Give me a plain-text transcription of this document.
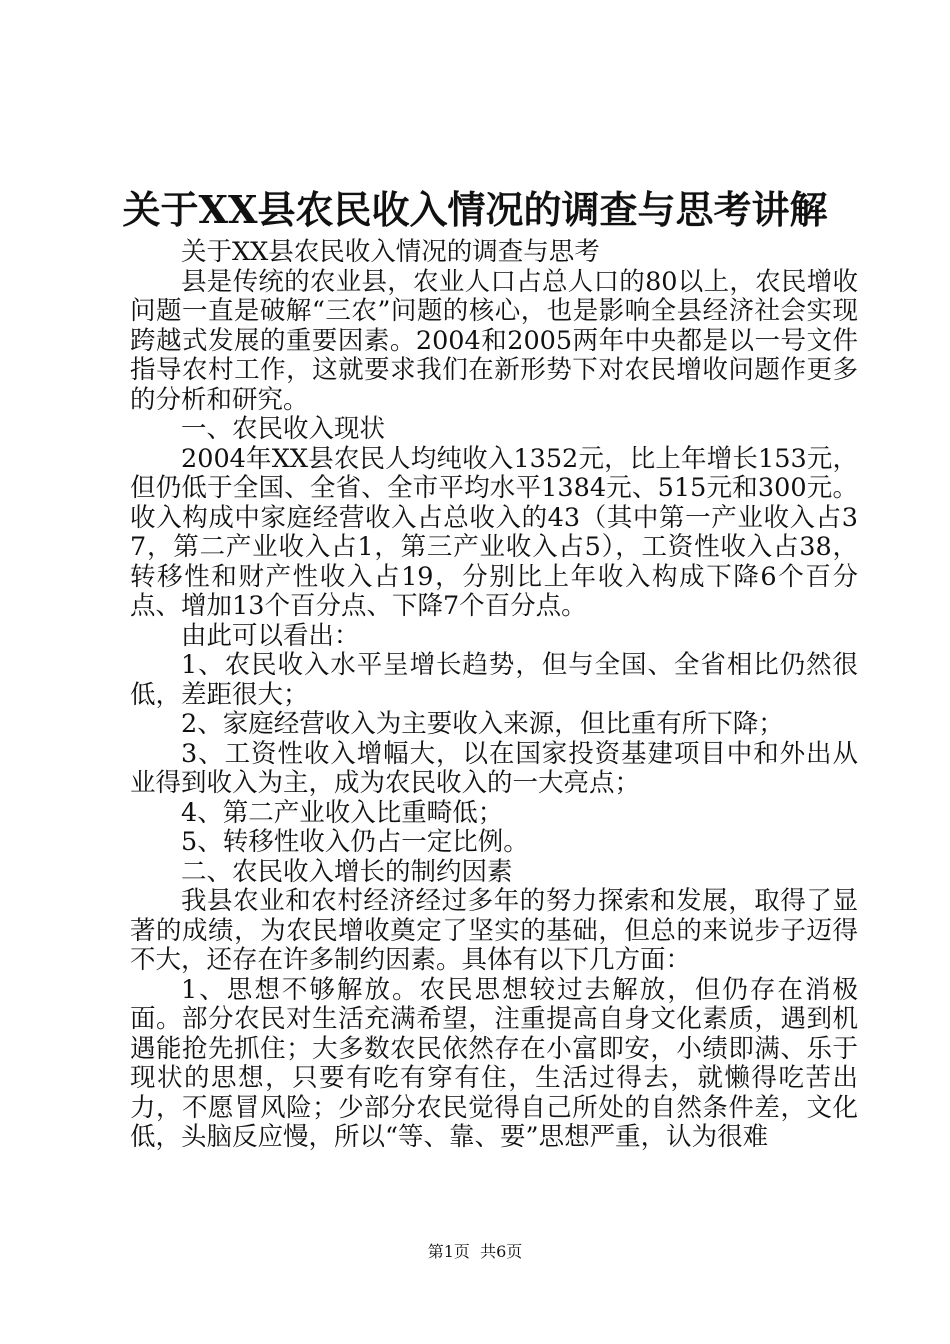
关于XX县农民收入情况的调查与思考讲解

关于XX县农民收入情况的调查与思考

县是传统的农业县，农业人口占总人口的80以上，农民增收问题一直是破解“三农”问题的核心，也是影响全县经济社会实现跨越式发展的重要因素。2004和2005两年中央都是以一号文件指导农村工作，这就要求我们在新形势下对农民增收问题作更多的分析和研究。

一、农民收入现状

2004年XX县农民人均纯收入1352元，比上年增长153元，但仍低于全国、全省、全市平均水平1384元、515元和300元。收入构成中家庭经营收入占总收入的43（其中第一产业收入占37，第二产业收入占1，第三产业收入占5），工资性收入占38，转移性和财产性收入占19，分别比上年收入构成下降6个百分点、增加13个百分点、下降7个百分点。

由此可以看出：

1、农民收入水平呈增长趋势，但与全国、全省相比仍然很低，差距很大；

2、家庭经营收入为主要收入来源，但比重有所下降；

3、工资性收入增幅大，以在国家投资基建项目中和外出从业得到收入为主，成为农民收入的一大亮点；

4、第二产业收入比重畸低；

5、转移性收入仍占一定比例。

二、农民收入增长的制约因素

我县农业和农村经济经过多年的努力探索和发展，取得了显著的成绩，为农民增收奠定了坚实的基础，但总的来说步子迈得不大，还存在许多制约因素。具体有以下几方面：

1、思想不够解放。农民思想较过去解放，但仍存在消极面。部分农民对生活充满希望，注重提高自身文化素质，遇到机遇能抢先抓住；大多数农民依然存在小富即安，小绩即满、乐于现状的思想，只要有吃有穿有住，生活过得去，就懒得吃苦出力，不愿冒风险；少部分农民觉得自己所处的自然条件差，文化低，头脑反应慢，所以“等、靠、要”思想严重，认为很难

第1页 共6页
